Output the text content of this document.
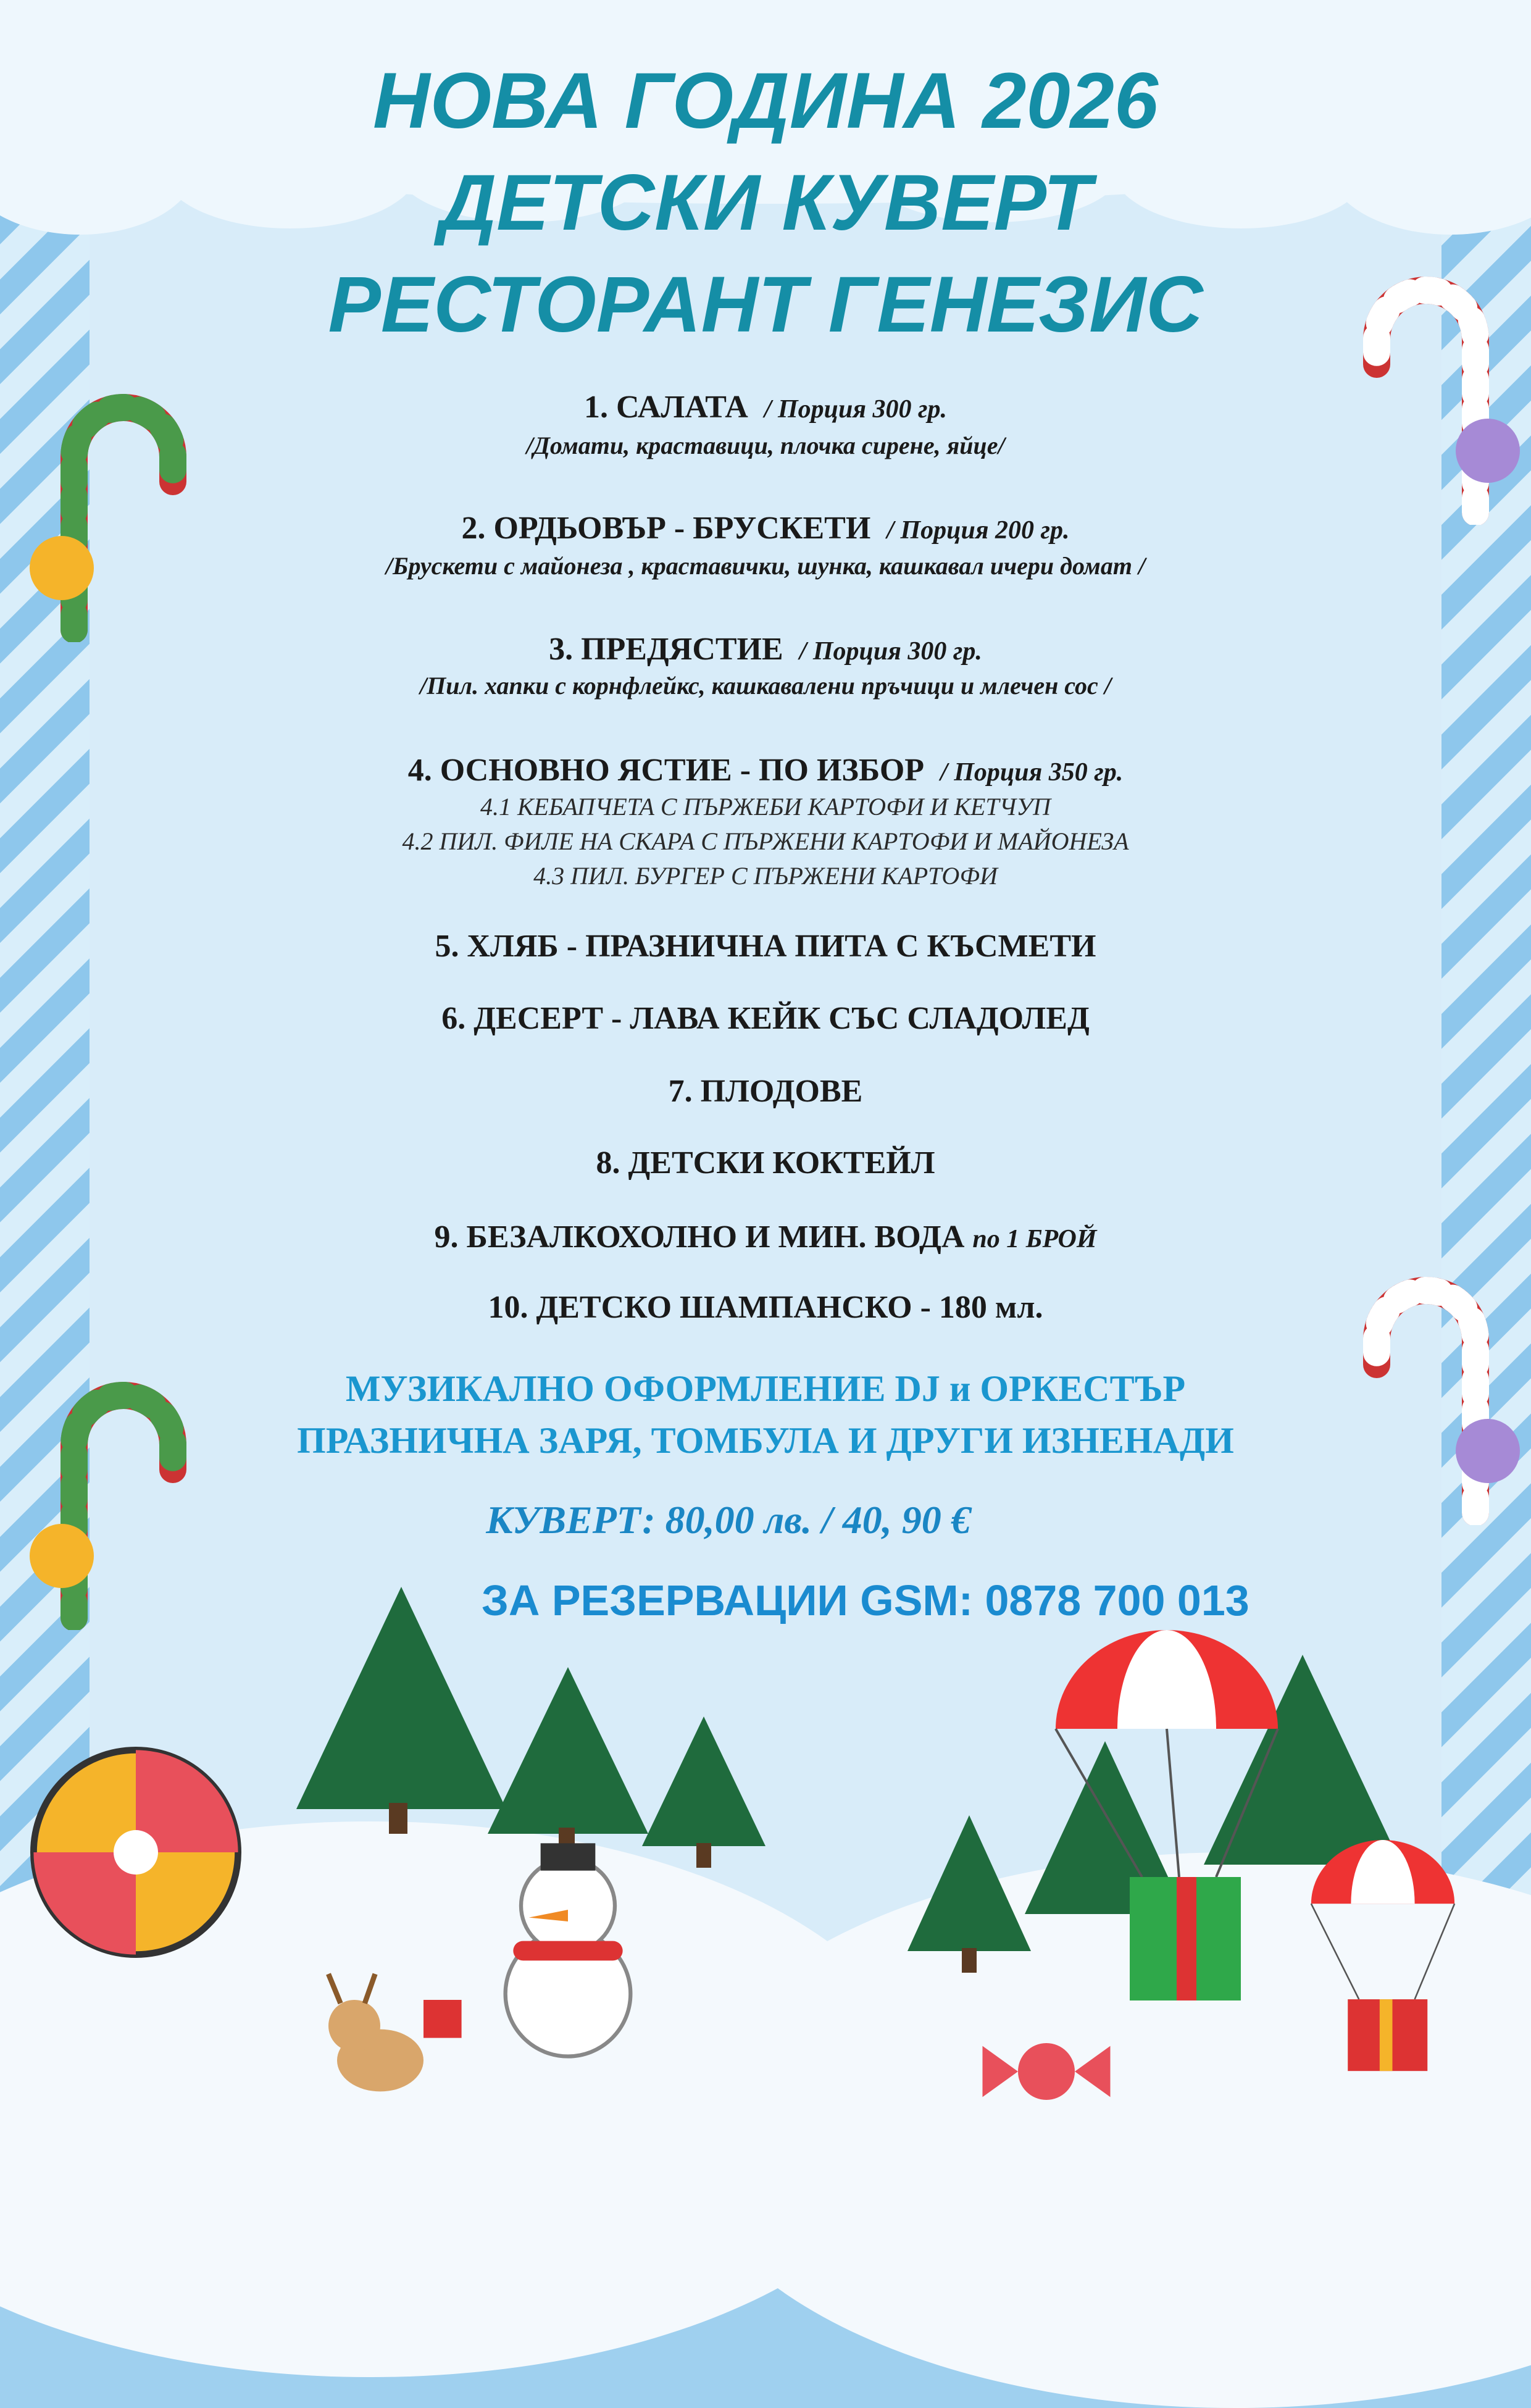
НОВА ГОДИНА 2026
ДЕТСКИ КУВЕРТ
РЕСТОРАНТ ГЕНЕЗИС
1. САЛАТА / Порция 300 гр.
/Домати, краставици, плочка сирене, яйце/
2. ОРДЬОВЪР - БРУСКЕТИ / Порция 200 гр.
/Брускети с майонеза , краставички, шунка, кашкавал ичери домат /
3. ПРЕДЯСТИЕ / Порция 300 гр.
/Пил. хапки с корнфлейкс, кашкавалени пръчици и млечен сос /
4. ОСНОВНО ЯСТИЕ - ПО ИЗБОР / Порция 350 гр.
4.1 КЕБАПЧЕТА С ПЪРЖЕБИ КАРТОФИ И КЕТЧУП
4.2 ПИЛ. ФИЛЕ НА СКАРА С ПЪРЖЕНИ КАРТОФИ И МАЙОНЕЗА
4.3 ПИЛ. БУРГЕР С ПЪРЖЕНИ КАРТОФИ
5. ХЛЯБ - ПРАЗНИЧНА ПИТА С КЪСМЕТИ
6. ДЕСЕРТ - ЛАВА КЕЙК СЪС СЛАДОЛЕД
7. ПЛОДОВЕ
8. ДЕТСКИ КОКТЕЙЛ
9. БЕЗАЛКОХОЛНО И МИН. ВОДА по 1 БРОЙ
10. ДЕТСКО ШАМПАНСКО - 180 мл.
МУЗИКАЛНО ОФОРМЛЕНИЕ DJ и ОРКЕСТЪР
ПРАЗНИЧНА ЗАРЯ, ТОМБУЛА И ДРУГИ ИЗНЕНАДИ
КУВЕРТ: 80,00 лв. / 40, 90 €
ЗА РЕЗЕРВАЦИИ GSM: 0878 700 013
